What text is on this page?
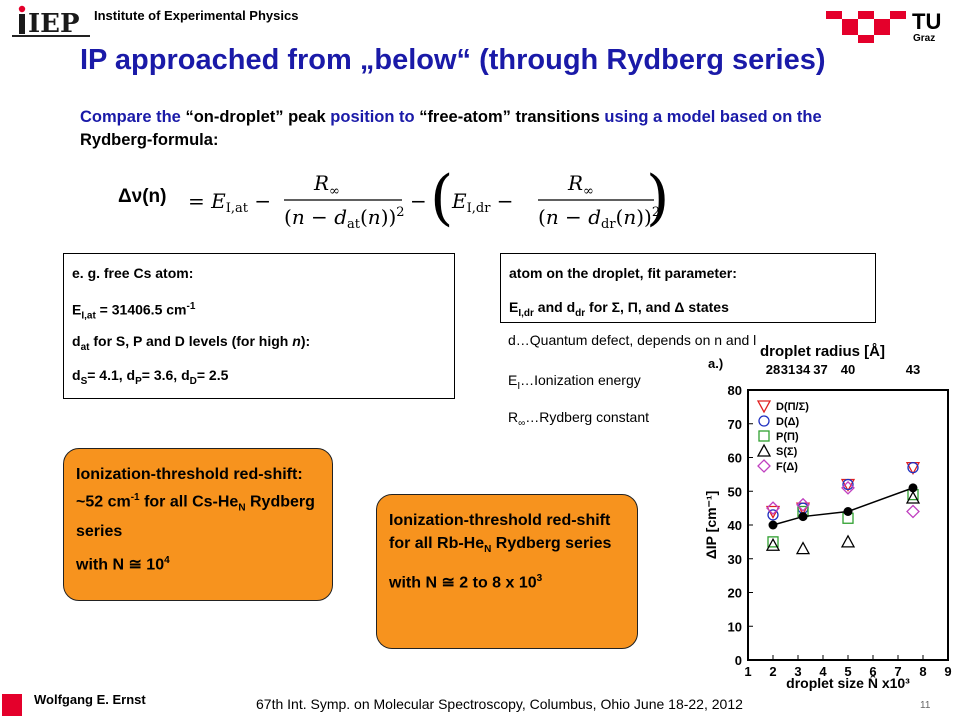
IEP Institute of Experimental Physics	TU
Graz
IP approached from „below“ (through Rydberg series)
Compare the “on-droplet” peak position to “free-atom” transitions using a model based on the Rydberg-formula:
$\Delta\nu(n) = E_{I,at}$ −
R ∞
$(n - d_{at}(n))^2$ − (
$E_{I,dr}$ −
R ∞
$(n - d_{dr}(n))^2$

e. g. free Cs atom:

$E_{I,at} = 31406.5$ $cm^{-1}$

$d_{at}$ for S, P and D levels (for high n):

$d_S= 4.1$, $d_P= 3.6$, $d_D= 2.5$

atom on the droplet, fit parameter:

$E_{I,dr}$ and $d_{dr}$ for Σ, Π, and Δ states

d…Quantum defect, depends on n and l
$E_I\dots Ionization$ energy
$R_\infty\dots Rydberg$ constant
Ionization-threshold red-shift: ~52 $cm^{-1}$ for all $Cs-He_N$ Rydberg series
with N ≅ $10^4$
Ionization-threshold red-shift for all $Rb-He_N$ Rydberg series
with N ≅ 2 to 8 x $10^3$
a.)
droplet radius [Å]
1 2 3 4 5 6 7 8 9
0
10
20
30
40
50
60
70
80
28 31 34 37 40	43
droplet size N̂ x10³
ΔIP [cm⁻¹]
D(Π/Σ)
D(Δ)
P(Π)
S(Σ)
F(Δ)
Wolfgang E. Ernst	67th Int. Symp. on Molecular Spectroscopy, Columbus, Ohio June 18-22, 2012	11
